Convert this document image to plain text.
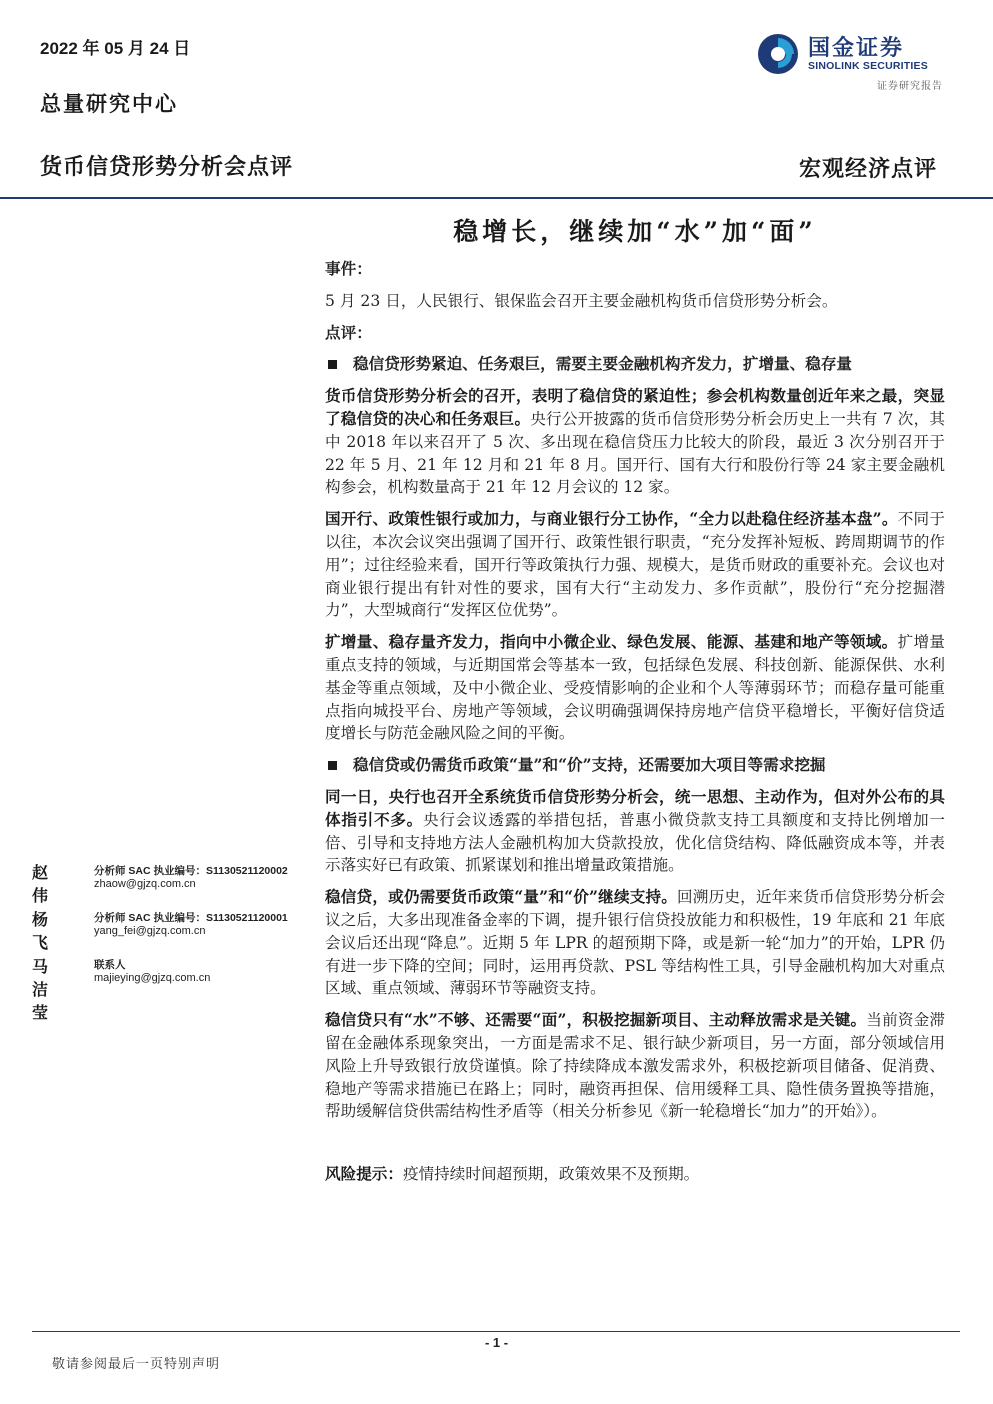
2022 年 05 月 24 日
总量研究中心
货币信贷形势分析会点评	宏观经济点评
国金证券
SINOLINK SECURITIES
证券研究报告
稳增长，继续加“水”加“面”

事件：

5 月 23 日，人民银行、银保监会召开主要金融机构货币信贷形势分析会。

点评：

稳信贷形势紧迫、任务艰巨，需要主要金融机构齐发力，扩增量、稳存量

货币信贷形势分析会的召开，表明了稳信贷的紧迫性；参会机构数量创近年来之最，突显了稳信贷的决心和任务艰巨。央行公开披露的货币信贷形势分析会历史上一共有 7 次，其中 2018 年以来召开了 5 次、多出现在稳信贷压力比较大的阶段，最近 3 次分别召开于 22 年 5 月、21 年 12 月和 21 年 8 月。国开行、国有大行和股份行等 24 家主要金融机构参会，机构数量高于 21 年 12 月会议的 12 家。

国开行、政策性银行或加力，与商业银行分工协作，“全力以赴稳住经济基本盘”。不同于以往，本次会议突出强调了国开行、政策性银行职责，“充分发挥补短板、跨周期调节的作用”；过往经验来看，国开行等政策执行力强、规模大，是货币财政的重要补充。会议也对商业银行提出有针对性的要求，国有大行“主动发力、多作贡献”，股份行“充分挖掘潜力”，大型城商行“发挥区位优势”。

扩增量、稳存量齐发力，指向中小微企业、绿色发展、能源、基建和地产等领域。扩增量重点支持的领域，与近期国常会等基本一致，包括绿色发展、科技创新、能源保供、水利基金等重点领域，及中小微企业、受疫情影响的企业和个人等薄弱环节；而稳存量可能重点指向城投平台、房地产等领域，会议明确强调保持房地产信贷平稳增长，平衡好信贷适度增长与防范金融风险之间的平衡。

稳信贷或仍需货币政策“量”和“价”支持，还需要加大项目等需求挖掘

同一日，央行也召开全系统货币信贷形势分析会，统一思想、主动作为，但对外公布的具体指引不多。央行会议透露的举措包括，普惠小微贷款支持工具额度和支持比例增加一倍、引导和支持地方法人金融机构加大贷款投放，优化信贷结构、降低融资成本等，并表示落实好已有政策、抓紧谋划和推出增量政策措施。

稳信贷，或仍需要货币政策“量”和“价”继续支持。回溯历史，近年来货币信贷形势分析会议之后，大多出现准备金率的下调，提升银行信贷投放能力和积极性，19 年底和 21 年底会议后还出现“降息”。近期 5 年 LPR 的超预期下降，或是新一轮“加力”的开始，LPR 仍有进一步下降的空间；同时，运用再贷款、PSL 等结构性工具，引导金融机构加大对重点区域、重点领域、薄弱环节等融资支持。

稳信贷只有“水”不够、还需要“面”，积极挖掘新项目、主动释放需求是关键。当前资金滞留在金融体系现象突出，一方面是需求不足、银行缺少新项目，另一方面，部分领域信用风险上升导致银行放贷谨慎。除了持续降成本激发需求外，积极挖新项目储备、促消费、稳地产等需求措施已在路上；同时，融资再担保、信用缓释工具、隐性债务置换等措施，帮助缓解信贷供需结构性矛盾等（相关分析参见《新一轮稳增长“加力”的开始》）。

风险提示：疫情持续时间超预期，政策效果不及预期。

赵伟
分析师 SAC 执业编号：S1130521120002
zhaow@gjzq.com.cn
杨飞
分析师 SAC 执业编号：S1130521120001
yang_fei@gjzq.com.cn
马洁莹
联系人
majieying@gjzq.com.cn
- 1 -
敬请参阅最后一页特别声明
